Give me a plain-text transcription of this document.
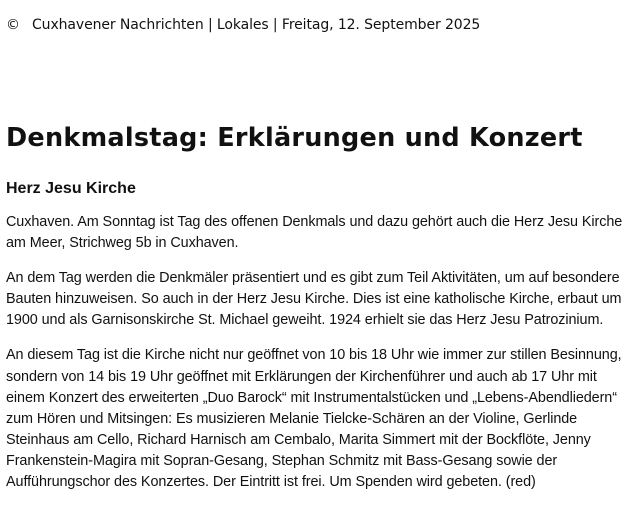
© Cuxhavener Nachrichten | Lokales | Freitag, 12. September 2025
Denkmalstag: Erklärungen und Konzert
Herz Jesu Kirche

Cuxhaven. Am Sonntag ist Tag des offenen Denkmals und dazu gehört auch die Herz Jesu Kirche am Meer, Strichweg 5b in Cuxhaven.

An dem Tag werden die Denkmäler präsentiert und es gibt zum Teil Aktivitäten, um auf besondere Bauten hinzuweisen. So auch in der Herz Jesu Kirche. Dies ist eine katholische Kirche, erbaut um 1900 und als Garnisonskirche St. Michael geweiht. 1924 erhielt sie das Herz Jesu Patrozinium.

An diesem Tag ist die Kirche nicht nur geöffnet von 10 bis 18 Uhr wie immer zur stillen Besinnung, sondern von 14 bis 19 Uhr geöffnet mit Erklärungen der Kirchenführer und auch ab 17 Uhr mit einem Konzert des erweiterten „Duo Barock“ mit Instrumentalstücken und „Lebens-Abendliedern“ zum Hören und Mitsingen: Es musizieren Melanie Tielcke-Schären an der Violine, Gerlinde Steinhaus am Cello, Richard Harnisch am Cembalo, Marita Simmert mit der Bockflöte, Jenny Frankenstein-Magira mit Sopran-Gesang, Stephan Schmitz mit Bass-Gesang sowie der Aufführungschor des Konzertes. Der Eintritt ist frei. Um Spenden wird gebeten. (red)
